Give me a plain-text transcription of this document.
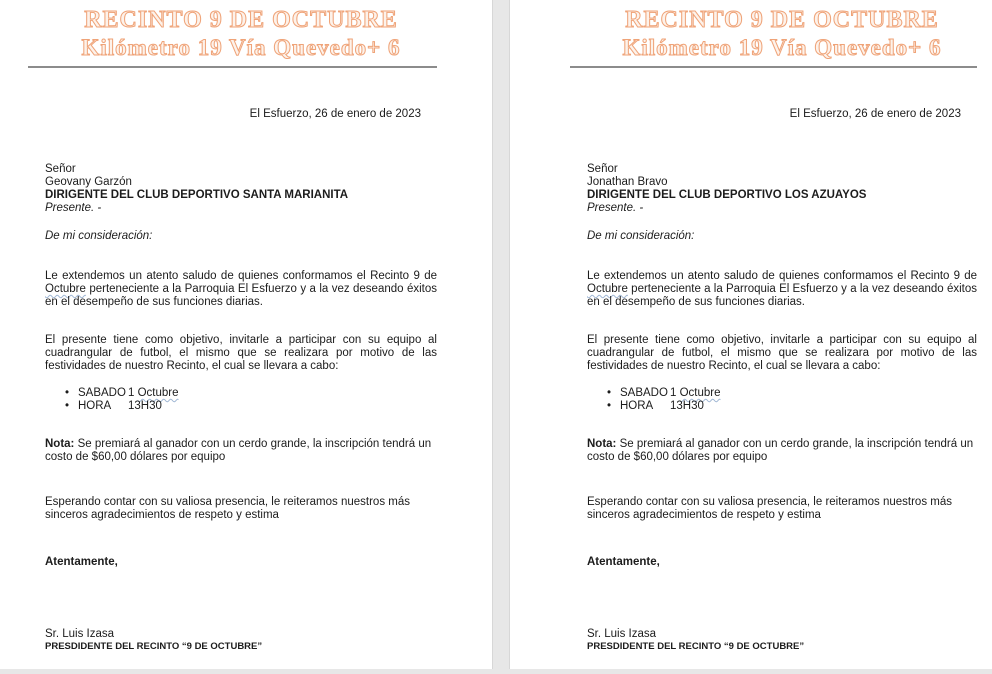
RECINTO 9 DE OCTUBRE
Kilómetro 19 Vía Quevedo+ 6
El Esfuerzo, 26 de enero de 2023
Señor
Geovany Garzón
DIRIGENTE DEL CLUB DEPORTIVO SANTA MARIANITA
Presente. -
De mi consideración:
Le extendemos un atento saludo de quienes conformamos el Recinto 9 de Octubre perteneciente a la Parroquia El Esfuerzo y a la vez deseando éxitos en el desempeño de sus funciones diarias.
El presente tiene como objetivo, invitarle a participar con su equipo al cuadrangular de futbol, el mismo que se realizara por motivo de las festividades de nuestro Recinto, el cual se llevara a cabo:
• SABADO 1 Octubre
• HORA	13H30
Nota: Se premiará al ganador con un cerdo grande, la inscripción tendrá un costo de $60,00 dólares por equipo
Esperando contar con su valiosa presencia, le reiteramos nuestros más sinceros agradecimientos de respeto y estima
Atentamente,
Sr. Luis Izasa
PRESDIDENTE DEL RECINTO “9 DE OCTUBRE”
RECINTO 9 DE OCTUBRE
Kilómetro 19 Vía Quevedo+ 6
El Esfuerzo, 26 de enero de 2023
Señor
Jonathan Bravo
DIRIGENTE DEL CLUB DEPORTIVO LOS AZUAYOS
Presente. -
De mi consideración:
Le extendemos un atento saludo de quienes conformamos el Recinto 9 de Octubre perteneciente a la Parroquia El Esfuerzo y a la vez deseando éxitos en el desempeño de sus funciones diarias.
El presente tiene como objetivo, invitarle a participar con su equipo al cuadrangular de futbol, el mismo que se realizara por motivo de las festividades de nuestro Recinto, el cual se llevara a cabo:
• SABADO 1 Octubre
• HORA	13H30
Nota: Se premiará al ganador con un cerdo grande, la inscripción tendrá un costo de $60,00 dólares por equipo
Esperando contar con su valiosa presencia, le reiteramos nuestros más sinceros agradecimientos de respeto y estima
Atentamente,
Sr. Luis Izasa
PRESDIDENTE DEL RECINTO “9 DE OCTUBRE”
